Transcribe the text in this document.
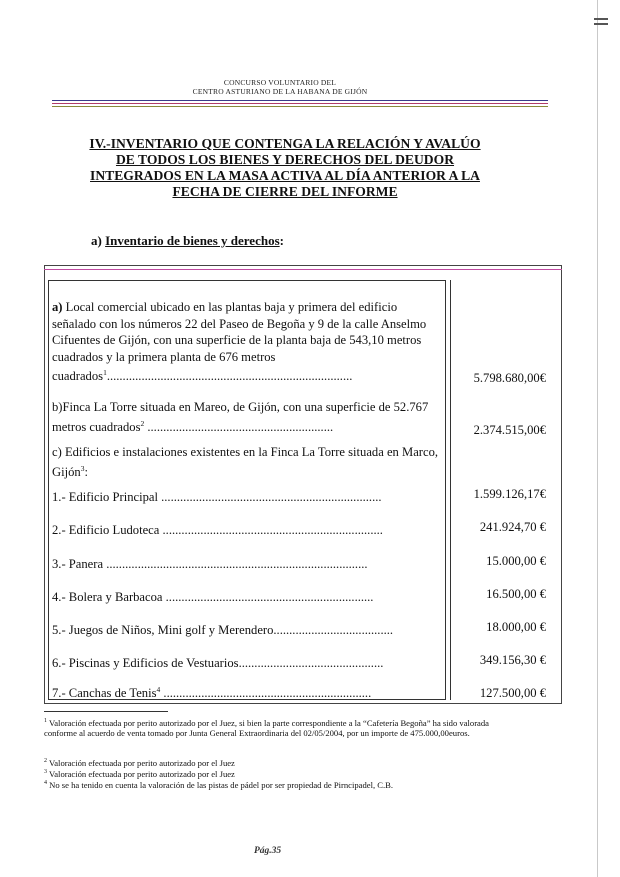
CONCURSO VOLUNTARIO DEL
CENTRO ASTURIANO DE LA HABANA DE GIJÓN
IV.-INVENTARIO QUE CONTENGA LA RELACIÓN Y AVALÚO
DE TODOS LOS BIENES Y DERECHOS DEL DEUDOR
INTEGRADOS EN LA MASA ACTIVA AL DÍA ANTERIOR A LA
FECHA DE CIERRE DEL INFORME
a) Inventario de bienes y derechos:
a) Local comercial ubicado en las plantas baja y primera del edificio señalado con los números 22 del Paseo de Begoña y 9 de la calle Anselmo Cifuentes de Gijón, con una superficie de la planta baja de 543,10 metros cuadrados y la primera planta de 676 metros cuadrados$^1$..............................................................................	5.798.680,00€
b)Finca La Torre situada en Mareo, de Gijón, con una superficie de 52.767 metros cuadrados$^2$ ...........................................................	2.374.515,00€
c) Edificios e instalaciones existentes en la Finca La Torre situada en Marco, Gijón$^3$:
1.- Edificio Principal ......................................................................	1.599.126,17€
2.- Edificio Ludoteca ......................................................................	241.924,70 €
3.- Panera ...................................................................................	15.000,00 €
4.- Bolera y Barbacoa ..................................................................	16.500,00 €
5.- Juegos de Niños, Mini golf y Merendero......................................	18.000,00 €
6.- Piscinas y Edificios de Vestuarios..............................................	349.156,30 €
7.- Canchas de Tenis$^4$ ..................................................................	127.500,00 €
$^1$ Valoración efectuada por perito autorizado por el Juez, si bien la parte correspondiente a la “Cafetería Begoña” ha sido valorada conforme al acuerdo de venta tomado por Junta General Extraordinaria del 02/05/2004, por un importe de 475.000,00euros.
$^2$ Valoración efectuada por perito autorizado por el Juez
$^3$ Valoración efectuada por perito autorizado por el Juez
$^4$ No se ha tenido en cuenta la valoración de las pistas de pádel por ser propiedad de Pirncipadel, C.B.
Pág.35
